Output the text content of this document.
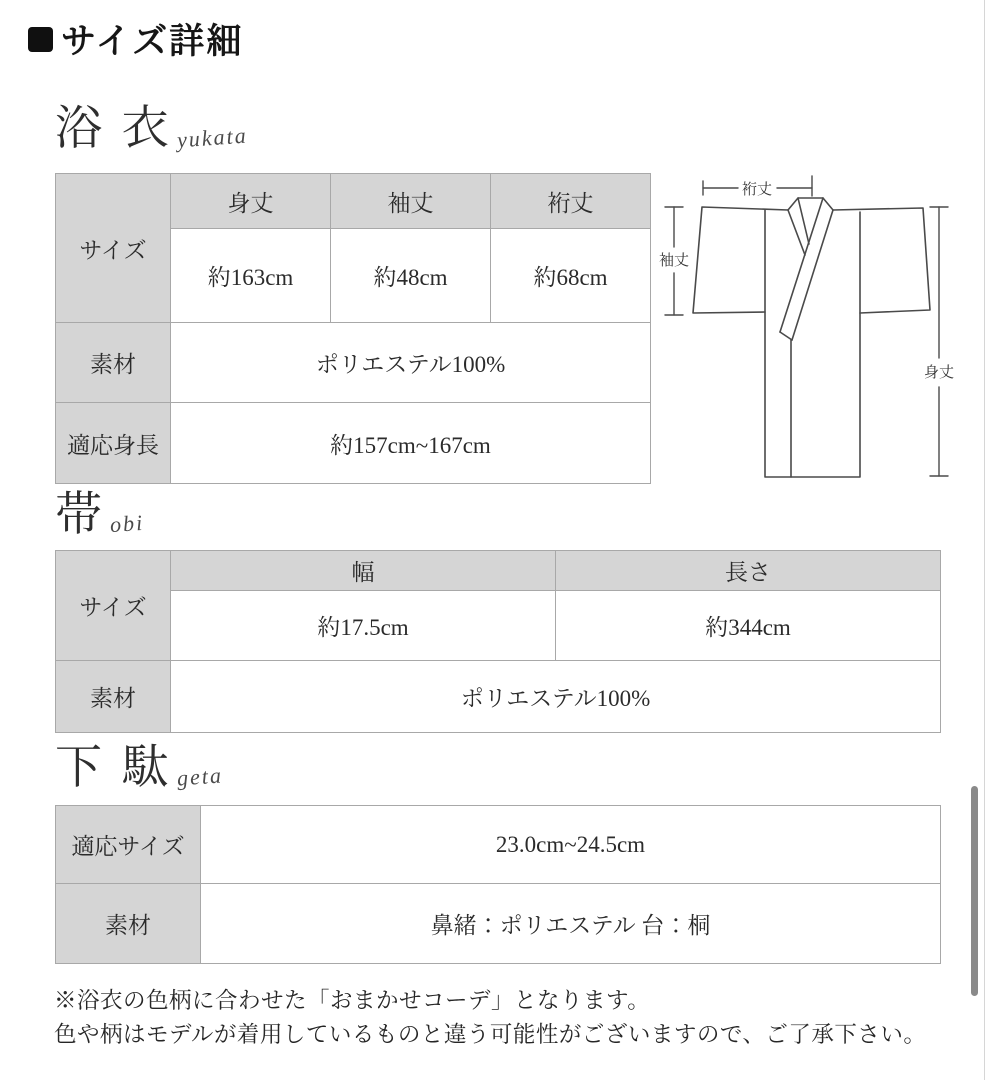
サイズ詳細
浴 衣 yukata
サイズ	身丈	袖丈	裄丈
	約163cm	約48cm	約68cm
素材	ポリエステル100%		
適応身長	約157cm~167cm		
裄丈
袖丈
身丈
帯 obi
サイズ	幅	長さ
	約17.5cm	約344cm
素材	ポリエステル100%	
下 駄 geta
適応サイズ	23.0cm~24.5cm
素材	鼻緒：ポリエステル 台：桐
※浴衣の色柄に合わせた「おまかせコーデ」となります。
色や柄はモデルが着用しているものと違う可能性がございますので、ご了承下さい。
